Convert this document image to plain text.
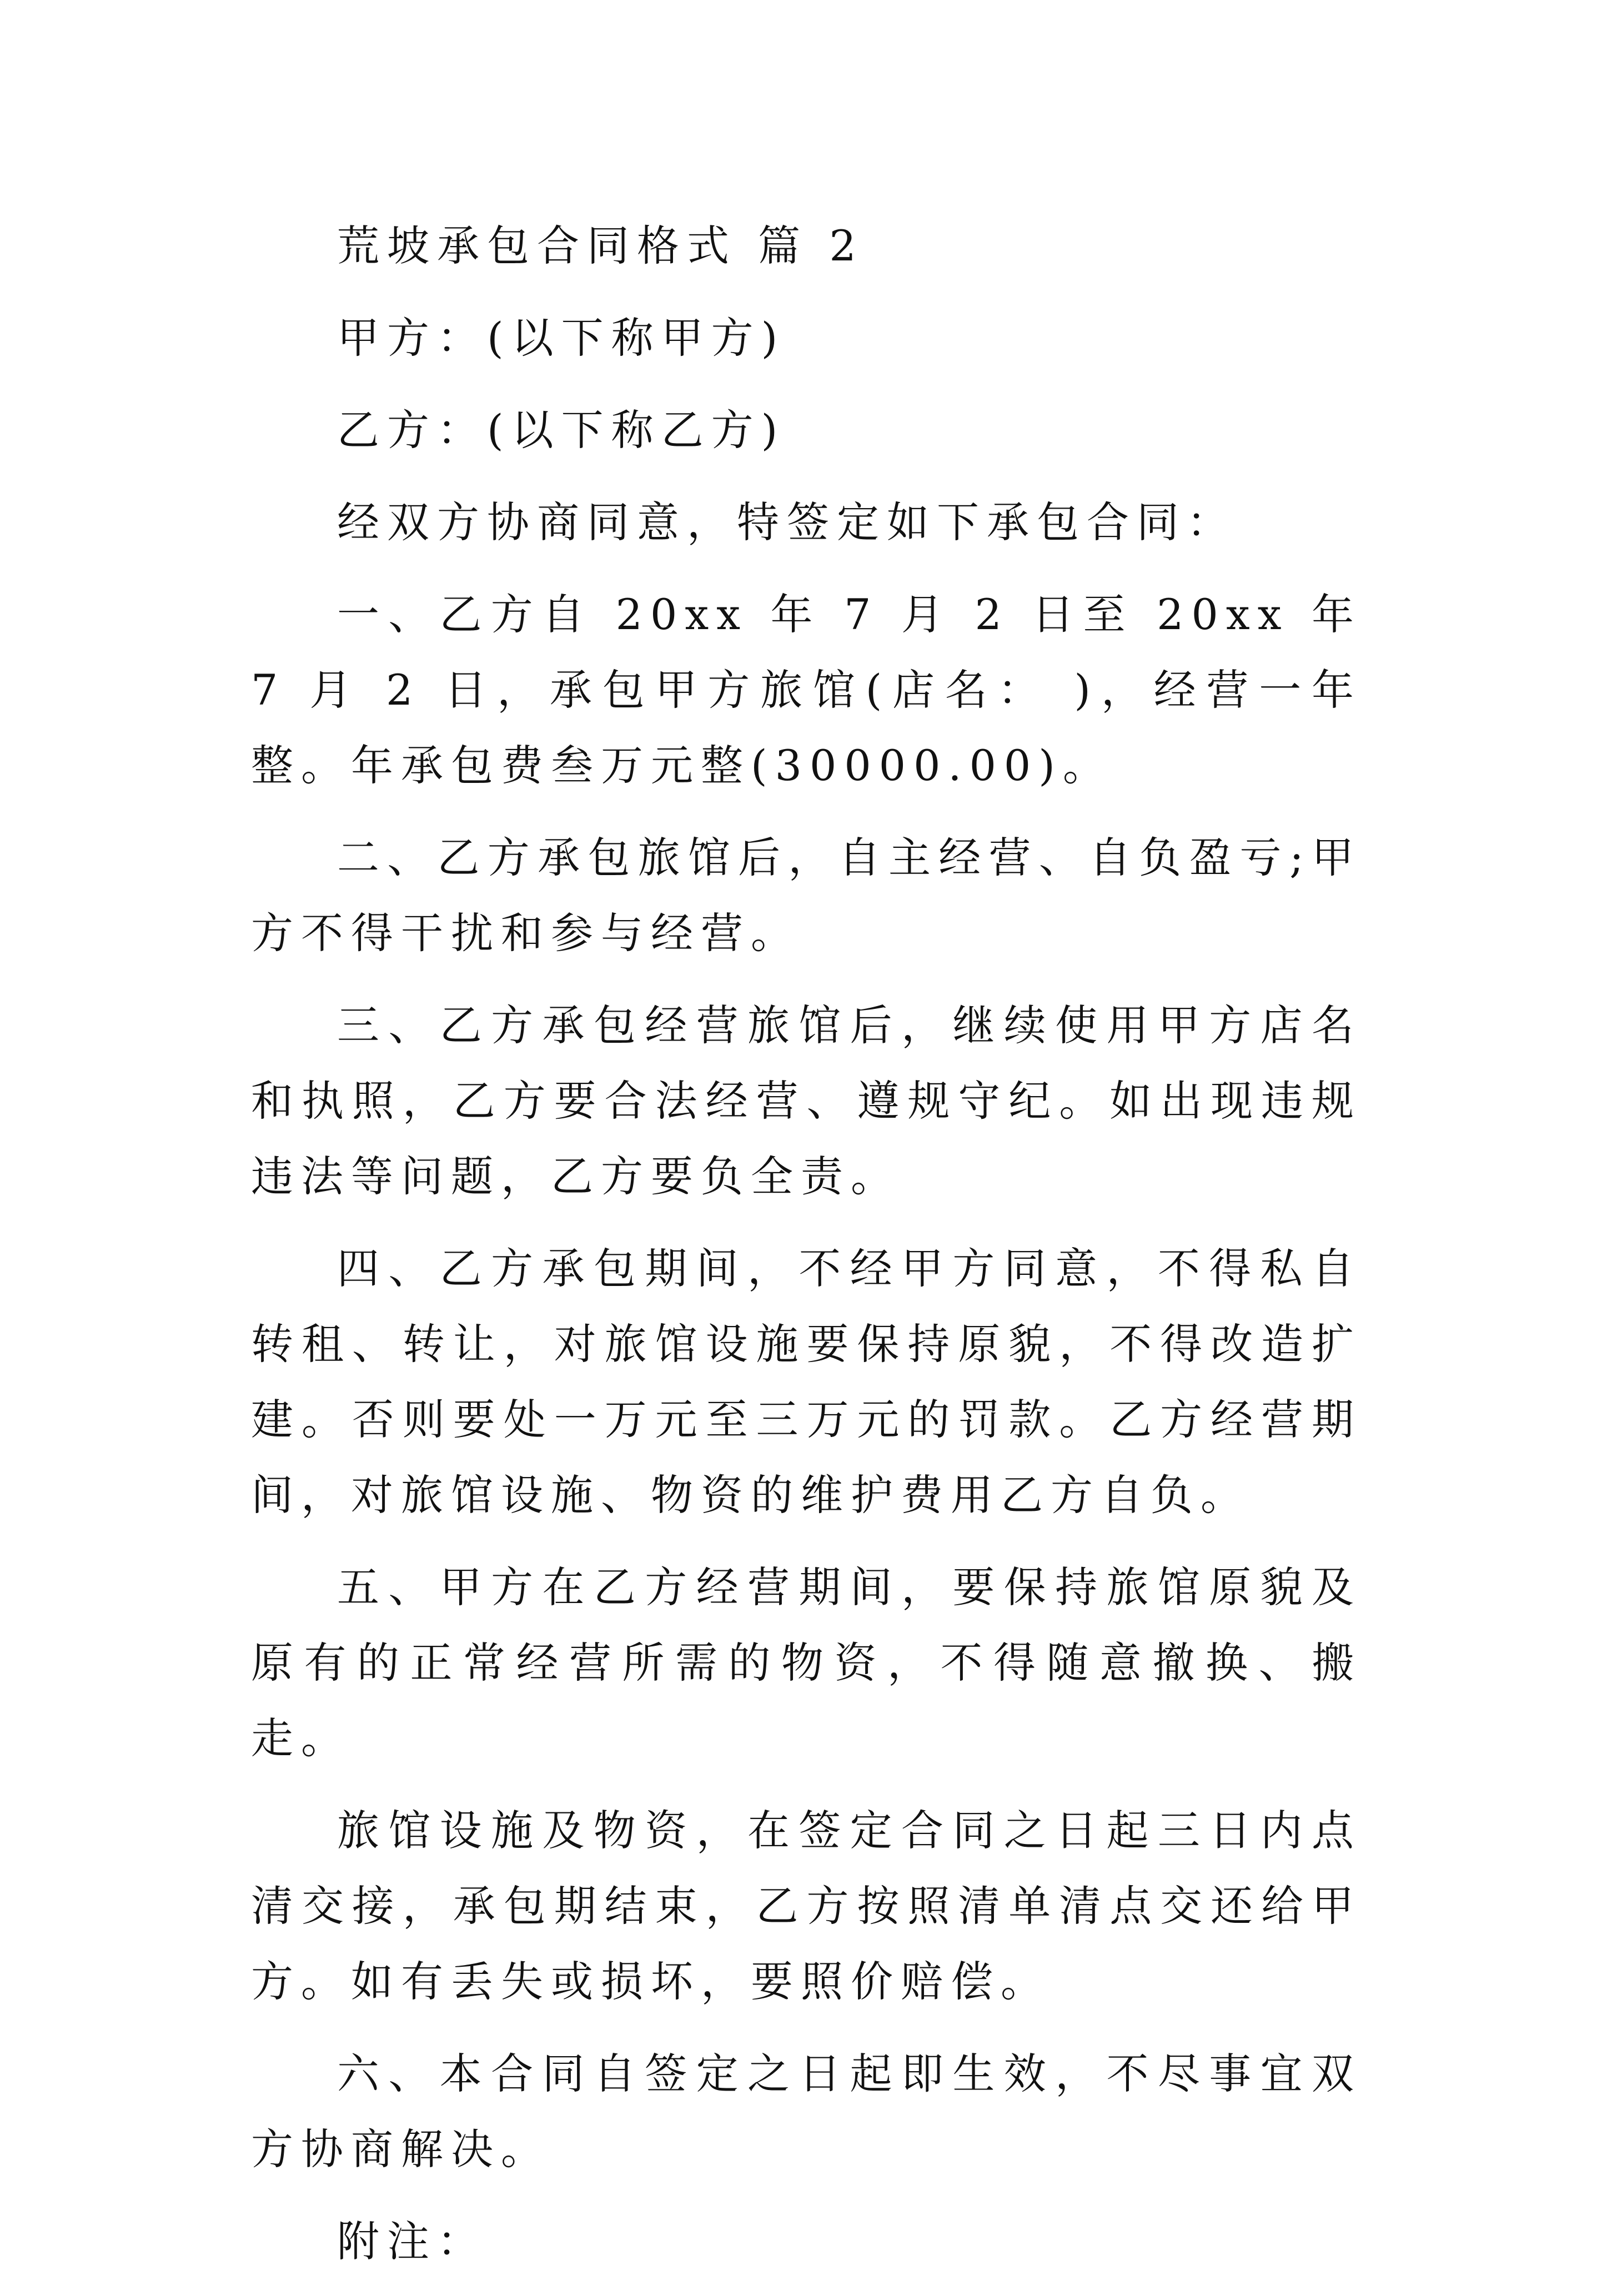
荒坡承包合同格式 篇 2

甲方：(以下称甲方)

乙方：(以下称乙方)

经双方协商同意，特签定如下承包合同：

一、乙方自 20xx 年 7 月 2 日至 20xx 年 7 月 2 日，承包甲方旅馆(店名： )，经营一年整。年承包费叁万元整(30000.00)。

二、乙方承包旅馆后，自主经营、自负盈亏;甲方不得干扰和参与经营。

三、乙方承包经营旅馆后，继续使用甲方店名和执照，乙方要合法经营、遵规守纪。如出现违规违法等问题，乙方要负全责。

四、乙方承包期间，不经甲方同意，不得私自转租、转让，对旅馆设施要保持原貌，不得改造扩建。否则要处一万元至三万元的罚款。乙方经营期间，对旅馆设施、物资的维护费用乙方自负。

五、甲方在乙方经营期间，要保持旅馆原貌及原有的正常经营所需的物资，不得随意撤换、搬走。

旅馆设施及物资，在签定合同之日起三日内点清交接，承包期结束，乙方按照清单清点交还给甲方。如有丢失或损坏，要照价赔偿。

六、本合同自签定之日起即生效，不尽事宜双方协商解决。

附注：
